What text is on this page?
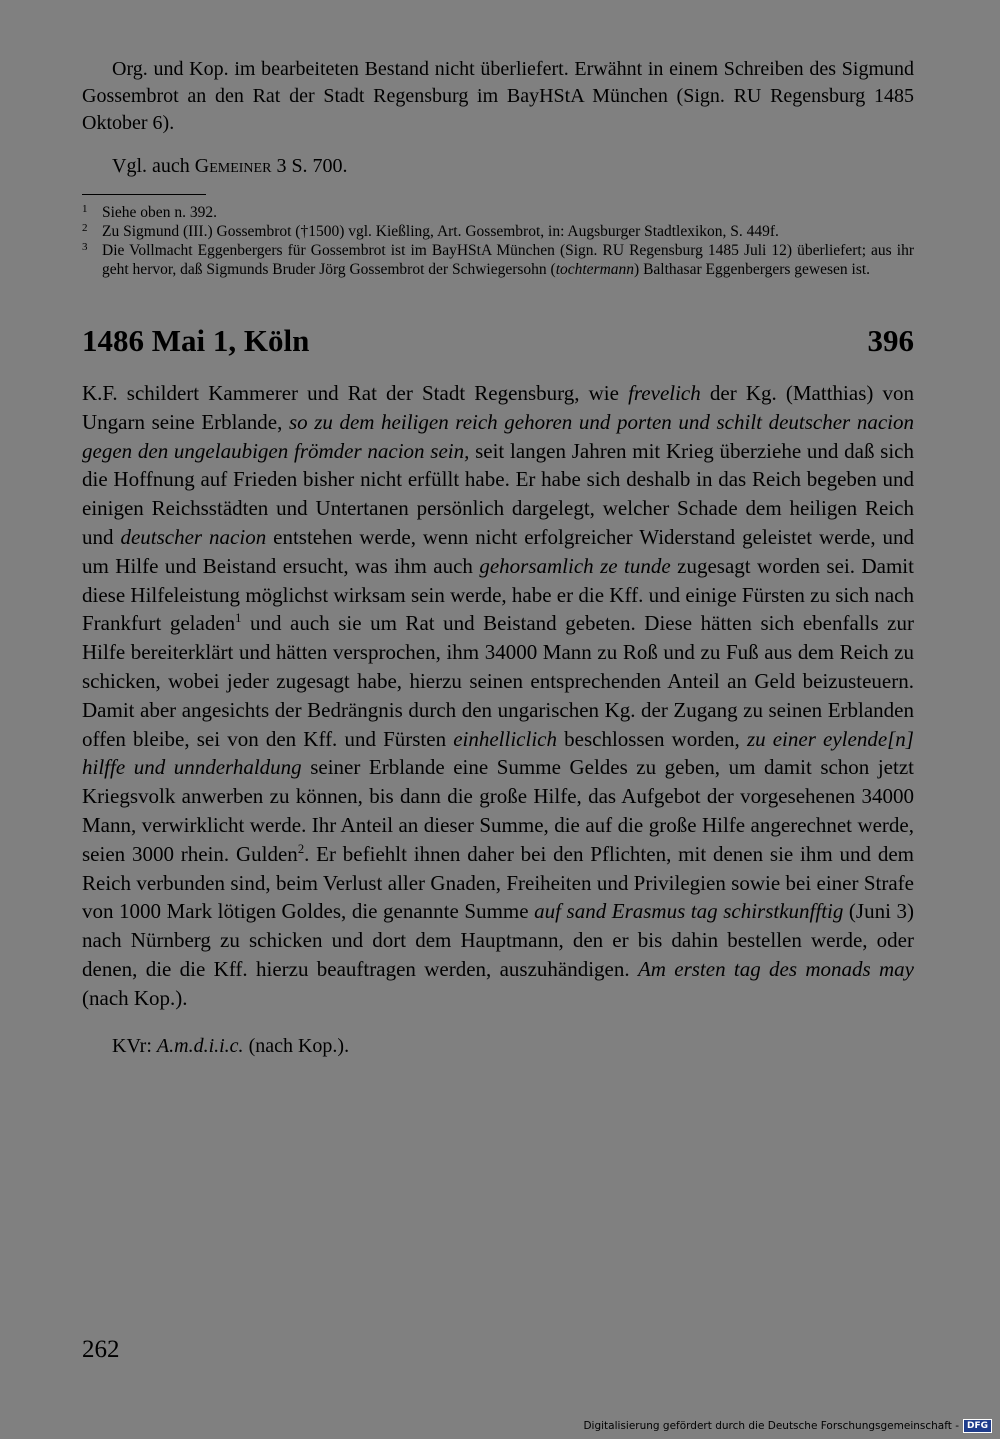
Org. und Kop. im bearbeiteten Bestand nicht überliefert. Erwähnt in einem Schreiben des Sigmund Gossembrot an den Rat der Stadt Regensburg im BayHStA München (Sign. RU Regensburg 1485 Oktober 6).

Vgl. auch Gemeiner 3 S. 700.

1 Siehe oben n. 392.

2 Zu Sigmund (III.) Gossembrot (†1500) vgl. Kießling, Art. Gossembrot, in: Augsburger Stadtlexikon, S. 449f.

3 Die Vollmacht Eggenbergers für Gossembrot ist im BayHStA München (Sign. RU Regensburg 1485 Juli 12) überliefert; aus ihr geht hervor, daß Sigmunds Bruder Jörg Gossembrot der Schwiegersohn (tochtermann) Balthasar Eggenbergers gewesen ist.

1486 Mai 1, Köln	396

K.F. schildert Kammerer und Rat der Stadt Regensburg, wie frevelich der Kg. (Matthias) von Ungarn seine Erblande, so zu dem heiligen reich gehoren und porten und schilt deutscher nacion gegen den ungelaubigen frömder nacion sein, seit langen Jahren mit Krieg überziehe und daß sich die Hoffnung auf Frieden bisher nicht erfüllt habe. Er habe sich deshalb in das Reich begeben und einigen Reichsstädten und Untertanen persönlich dargelegt, welcher Schade dem heiligen Reich und deutscher nacion entstehen werde, wenn nicht erfolgreicher Widerstand geleistet werde, und um Hilfe und Beistand ersucht, was ihm auch gehorsamlich ze tunde zugesagt worden sei. Damit diese Hilfeleistung möglichst wirksam sein werde, habe er die Kff. und einige Fürsten zu sich nach Frankfurt geladen$^1$ und auch sie um Rat und Beistand gebeten. Diese hätten sich ebenfalls zur Hilfe bereiterklärt und hätten versprochen, ihm 34000 Mann zu Roß und zu Fuß aus dem Reich zu schicken, wobei jeder zugesagt habe, hierzu seinen entsprechenden Anteil an Geld beizusteuern. Damit aber angesichts der Bedrängnis durch den ungarischen Kg. der Zugang zu seinen Erblanden offen bleibe, sei von den Kff. und Fürsten einhelliclich beschlossen worden, zu einer eylende[n] hilffe und unnderhaldung seiner Erblande eine Summe Geldes zu geben, um damit schon jetzt Kriegsvolk anwerben zu können, bis dann die große Hilfe, das Aufgebot der vorgesehenen 34000 Mann, verwirklicht werde. Ihr Anteil an dieser Summe, die auf die große Hilfe angerechnet werde, seien 3000 rhein. Gulden$^2$. Er befiehlt ihnen daher bei den Pflichten, mit denen sie ihm und dem Reich verbunden sind, beim Verlust aller Gnaden, Freiheiten und Privilegien sowie bei einer Strafe von 1000 Mark lötigen Goldes, die genannte Summe auf sand Erasmus tag schirstkunfftig (Juni 3) nach Nürnberg zu schicken und dort dem Hauptmann, den er bis dahin bestellen werde, oder denen, die die Kff. hierzu beauftragen werden, auszuhändigen. Am ersten tag des monads may (nach Kop.).

KVr: A.m.d.i.i.c. (nach Kop.).

262
Digitalisierung gefördert durch die Deutsche Forschungsgemeinschaft - DFG
